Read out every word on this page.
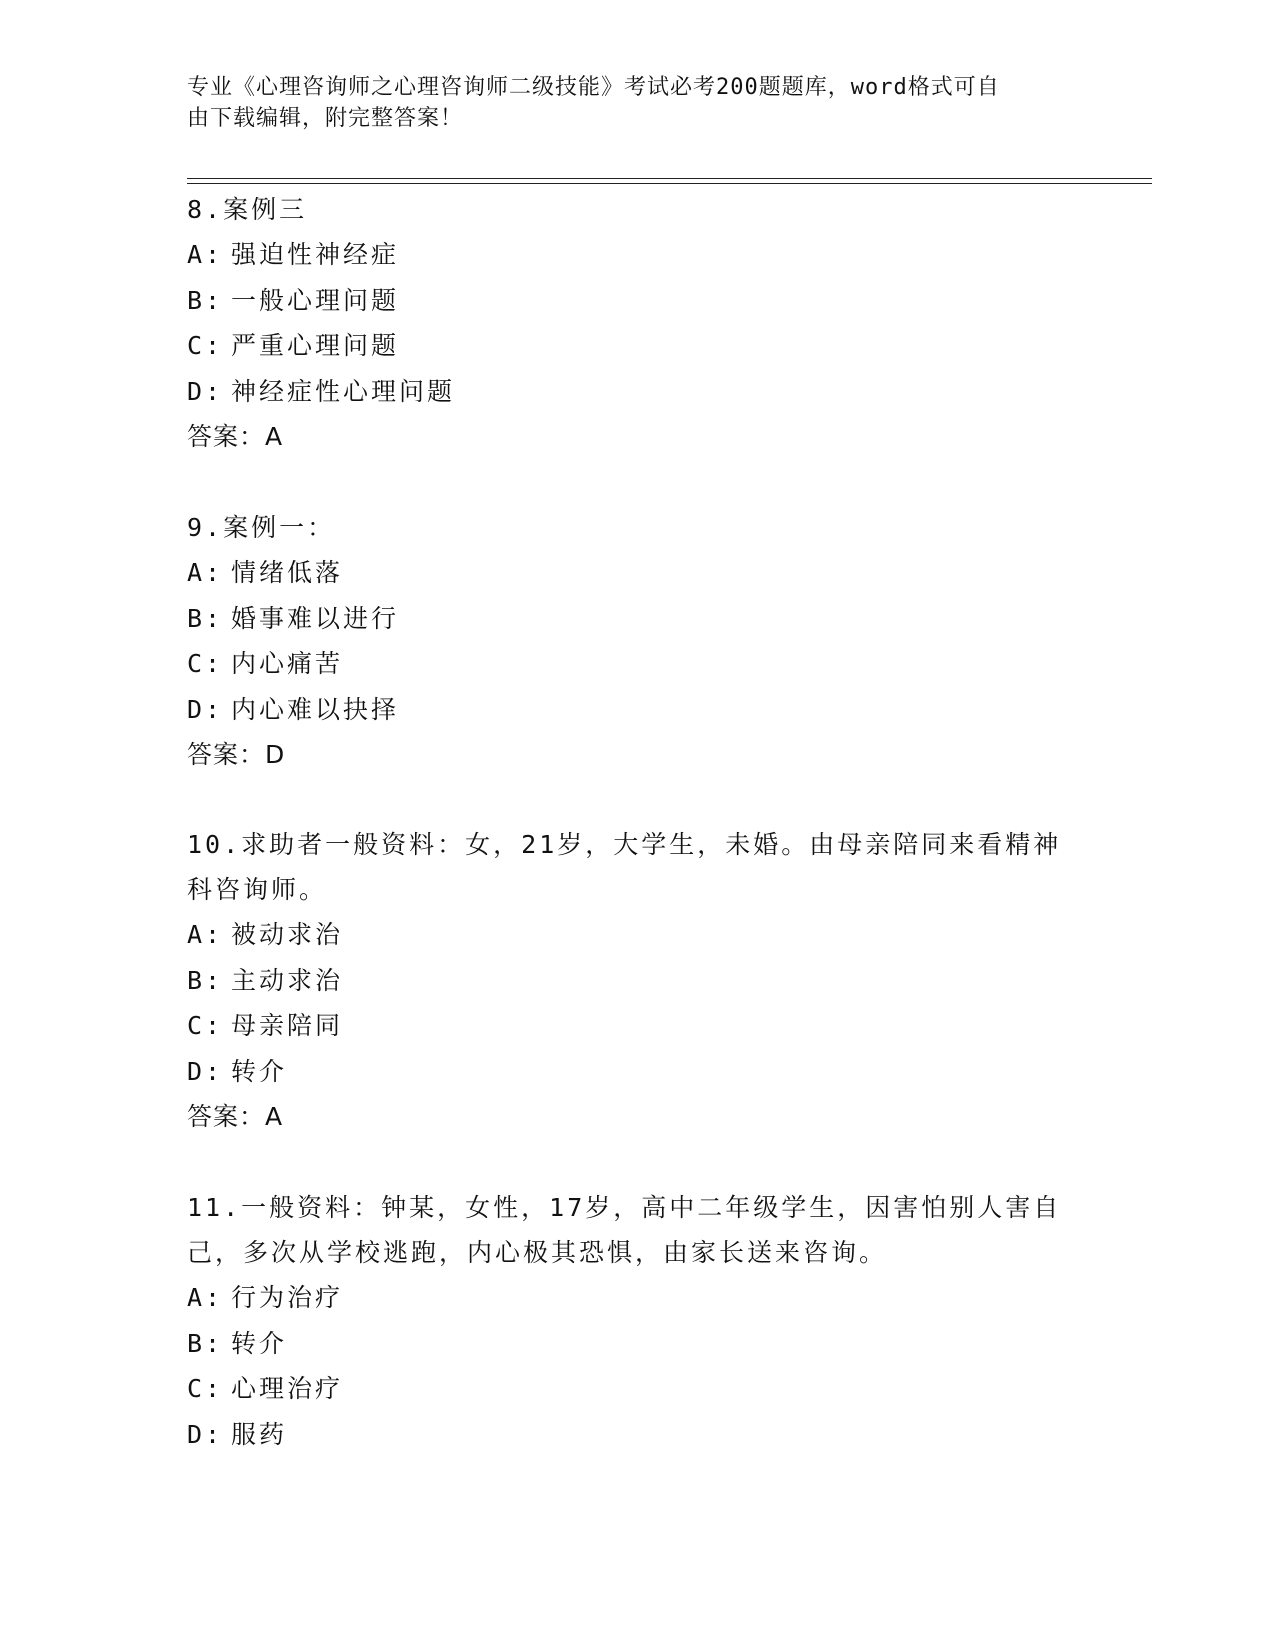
专业《心理咨询师之心理咨询师二级技能》考试必考200题题库，word格式可自
由下载编辑，附完整答案！
8.案例三
A: 强迫性神经症
B: 一般心理问题
C: 严重心理问题
D: 神经症性心理问题
答案：A
9.案例一：
A: 情绪低落
B: 婚事难以进行
C: 内心痛苦
D: 内心难以抉择
答案：D
10.求助者一般资料：女，21岁，大学生，未婚。由母亲陪同来看精神
科咨询师。
A: 被动求治
B: 主动求治
C: 母亲陪同
D: 转介
答案：A
11.一般资料：钟某，女性，17岁，高中二年级学生，因害怕别人害自
己，多次从学校逃跑，内心极其恐惧，由家长送来咨询。
A: 行为治疗
B: 转介
C: 心理治疗
D: 服药
